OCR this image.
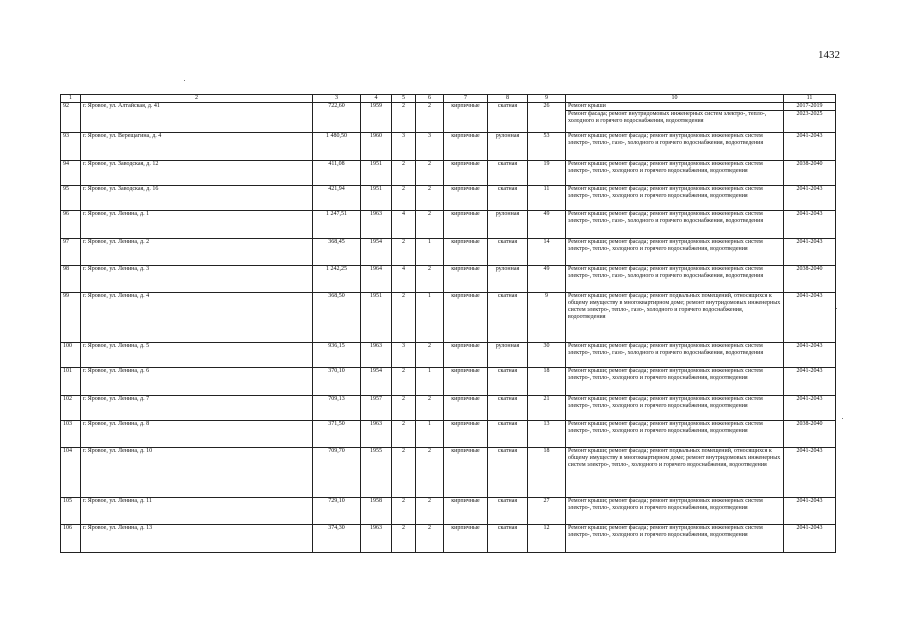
1432
1	2	3	4	5	6	7	8	9	10	11
92	г. Яровое, ул. Алтайская, д. 41	722,60	1959	2	2	кирпичные	скатная	26	Ремонт крыши
Ремонт фасада; ремонт внутридомовых инженерных систем электро-, тепло-, холодного и горячего водоснабжения, водоотведения	2017-2019
2023-2025

93	г. Яровое, ул. Верещагина, д. 4	1 480,50	1960	3	3	кирпичные	рулонная	53	Ремонт крыши; ремонт фасада; ремонт внутридомовых инженерных систем электро-, тепло-, газо-, холодного и горячего водоснабжения, водоотведения	2041-2043

94	г. Яровое, ул. Заводская, д. 12	411,08	1951	2	2	кирпичные	скатная	19	Ремонт крыши; ремонт фасада; ремонт внутридомовых инженерных систем электро-, тепло-, холодного и горячего водоснабжения, водоотведения	2038-2040

95	г. Яровое, ул. Заводская, д. 16	421,94	1951	2	2	кирпичные	скатная	11	Ремонт крыши; ремонт фасада; ремонт внутридомовых инженерных систем электро-, тепло-, холодного и горячего водоснабжения, водоотведения	2041-2043

96	г. Яровое, ул. Ленина, д. 1	1 247,51	1963	4	2	кирпичные	рулонная	49	Ремонт крыши; ремонт фасада; ремонт внутридомовых инженерных систем электро-, тепло-, газо-, холодного и горячего водоснабжения, водоотведения	2041-2043

97	г. Яровое, ул. Ленина, д. 2	368,45	1954	2	1	кирпичные	скатная	14	Ремонт крыши; ремонт фасада; ремонт внутридомовых инженерных систем электро-, тепло-, холодного и горячего водоснабжения, водоотведения	2041-2043

98	г. Яровое, ул. Ленина, д. 3	1 242,25	1964	4	2	кирпичные	рулонная	49	Ремонт крыши; ремонт фасада; ремонт внутридомовых инженерных систем электро-, тепло-, газо-, холодного и горячего водоснабжения, водоотведения	2038-2040

99	г. Яровое, ул. Ленина, д. 4	368,50	1951	2	1	кирпичные	скатная	9	Ремонт крыши; ремонт фасада; ремонт подвальных помещений, относящихся к общему имуществу в многоквартирном доме; ремонт внутридомовых инженерных систем электро-, тепло-, газо-, холодного и горячего водоснабжения, водоотведения	2041-2043

100	г. Яровое, ул. Ленина, д. 5	936,15	1963	3	2	кирпичные	рулонная	30	Ремонт крыши; ремонт фасада; ремонт внутридомовых инженерных систем электро-, тепло-, газо-, холодного и горячего водоснабжения, водоотведения	2041-2043

101	г. Яровое, ул. Ленина, д. 6	370,10	1954	2	1	кирпичные	скатная	18	Ремонт крыши; ремонт фасада; ремонт внутридомовых инженерных систем электро-, тепло-, холодного и горячего водоснабжения, водоотведения	2041-2043

102	г. Яровое, ул. Ленина, д. 7	709,13	1957	2	2	кирпичные	скатная	21	Ремонт крыши; ремонт фасада; ремонт внутридомовых инженерных систем электро-, тепло-, холодного и горячего водоснабжения, водоотведения	2041-2043

103	г. Яровое, ул. Ленина, д. 8	371,50	1963	2	1	кирпичные	скатная	13	Ремонт крыши; ремонт фасада; ремонт внутридомовых инженерных систем электро-, тепло-, холодного и горячего водоснабжения, водоотведения	2038-2040

104	г. Яровое, ул. Ленина, д. 10	709,70	1955	2	2	кирпичные	скатная	18	Ремонт крыши; ремонт фасада; ремонт подвальных помещений, относящихся к общему имуществу в многоквартирном доме; ремонт внутридомовых инженерных систем электро-, тепло-, холодного и горячего водоснабжения, водоотведения	2041-2043

105	г. Яровое, ул. Ленина, д. 11	729,10	1958	2	2	кирпичные	скатная	27	Ремонт крыши; ремонт фасада; ремонт внутридомовых инженерных систем электро-, тепло-, холодного и горячего водоснабжения, водоотведения	2041-2043

106	г. Яровое, ул. Ленина, д. 13	374,30	1963	2	2	кирпичные	скатная	12	Ремонт крыши; ремонт фасада; ремонт внутридомовых инженерных систем электро-, тепло-, холодного и горячего водоснабжения, водоотведения	2041-2043
